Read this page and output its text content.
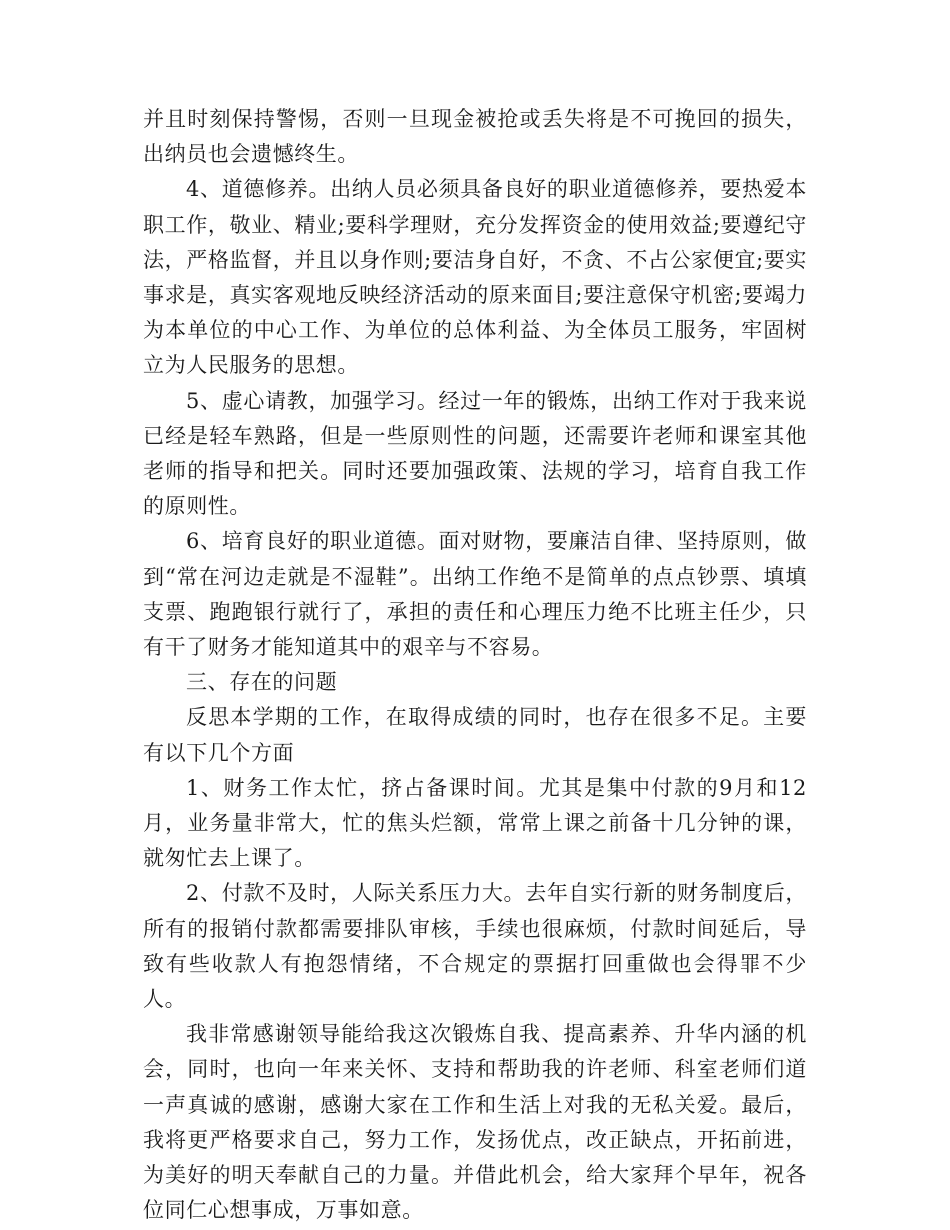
并且时刻保持警惕，否则一旦现金被抢或丢失将是不可挽回的损失，出纳员也会遗憾终生。

4、道德修养。出纳人员必须具备良好的职业道德修养，要热爱本职工作，敬业、精业;要科学理财，充分发挥资金的使用效益;要遵纪守法，严格监督，并且以身作则;要洁身自好，不贪、不占公家便宜;要实事求是，真实客观地反映经济活动的原来面目;要注意保守机密;要竭力为本单位的中心工作、为单位的总体利益、为全体员工服务，牢固树立为人民服务的思想。

5、虚心请教，加强学习。经过一年的锻炼，出纳工作对于我来说已经是轻车熟路，但是一些原则性的问题，还需要许老师和课室其他老师的指导和把关。同时还要加强政策、法规的学习，培育自我工作的原则性。

6、培育良好的职业道德。面对财物，要廉洁自律、坚持原则，做到“常在河边走就是不湿鞋”。出纳工作绝不是简单的点点钞票、填填支票、跑跑银行就行了，承担的责任和心理压力绝不比班主任少，只有干了财务才能知道其中的艰辛与不容易。

三、存在的问题

反思本学期的工作，在取得成绩的同时，也存在很多不足。主要有以下几个方面

1、财务工作太忙，挤占备课时间。尤其是集中付款的9月和12月，业务量非常大，忙的焦头烂额，常常上课之前备十几分钟的课，就匆忙去上课了。

2、付款不及时，人际关系压力大。去年自实行新的财务制度后，所有的报销付款都需要排队审核，手续也很麻烦，付款时间延后，导致有些收款人有抱怨情绪，不合规定的票据打回重做也会得罪不少人。

我非常感谢领导能给我这次锻炼自我、提高素养、升华内涵的机会，同时，也向一年来关怀、支持和帮助我的许老师、科室老师们道一声真诚的感谢，感谢大家在工作和生活上对我的无私关爱。最后，我将更严格要求自己，努力工作，发扬优点，改正缺点，开拓前进，为美好的明天奉献自己的力量。并借此机会，给大家拜个早年，祝各位同仁心想事成，万事如意。
